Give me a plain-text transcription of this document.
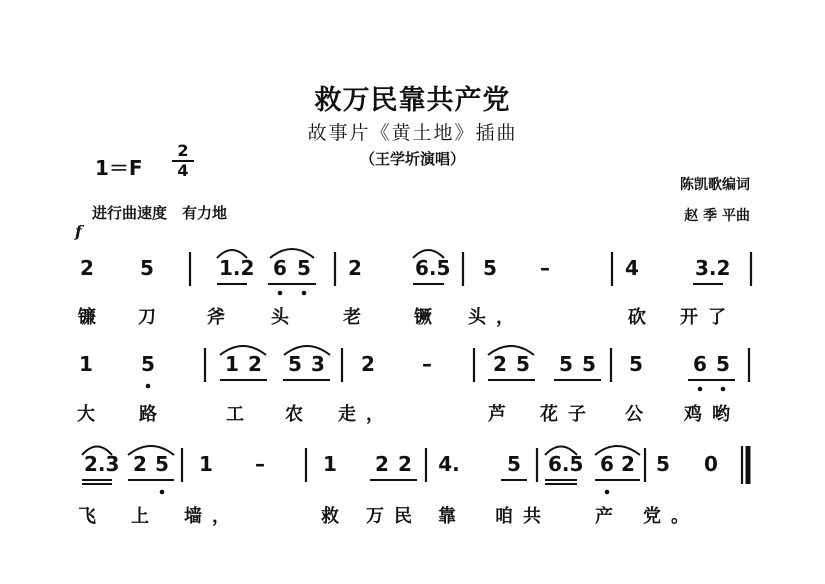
救万民靠共产党
故事片《黄土地》插曲
（王学圻演唱）
$1=F \frac{2}{4}$
陈凯歌编词
赵 季 平曲
进行曲速度　有力地
f
2	5	1.2 6 5	2	6.5	5	–	4	3.2
镰	刀	斧	头	老	镢	头，	砍	开了
1	5	1 2	5 3	2	–	2 5	5 5	5	6 5
大	路	工	农	走，	芦	花子	公	鸡哟
2.3 2 5	1	–	1	2 2	4.	5	6.5 6 2	5	0
飞	上	墙，	救	万民 靠	咱共	产	党。
